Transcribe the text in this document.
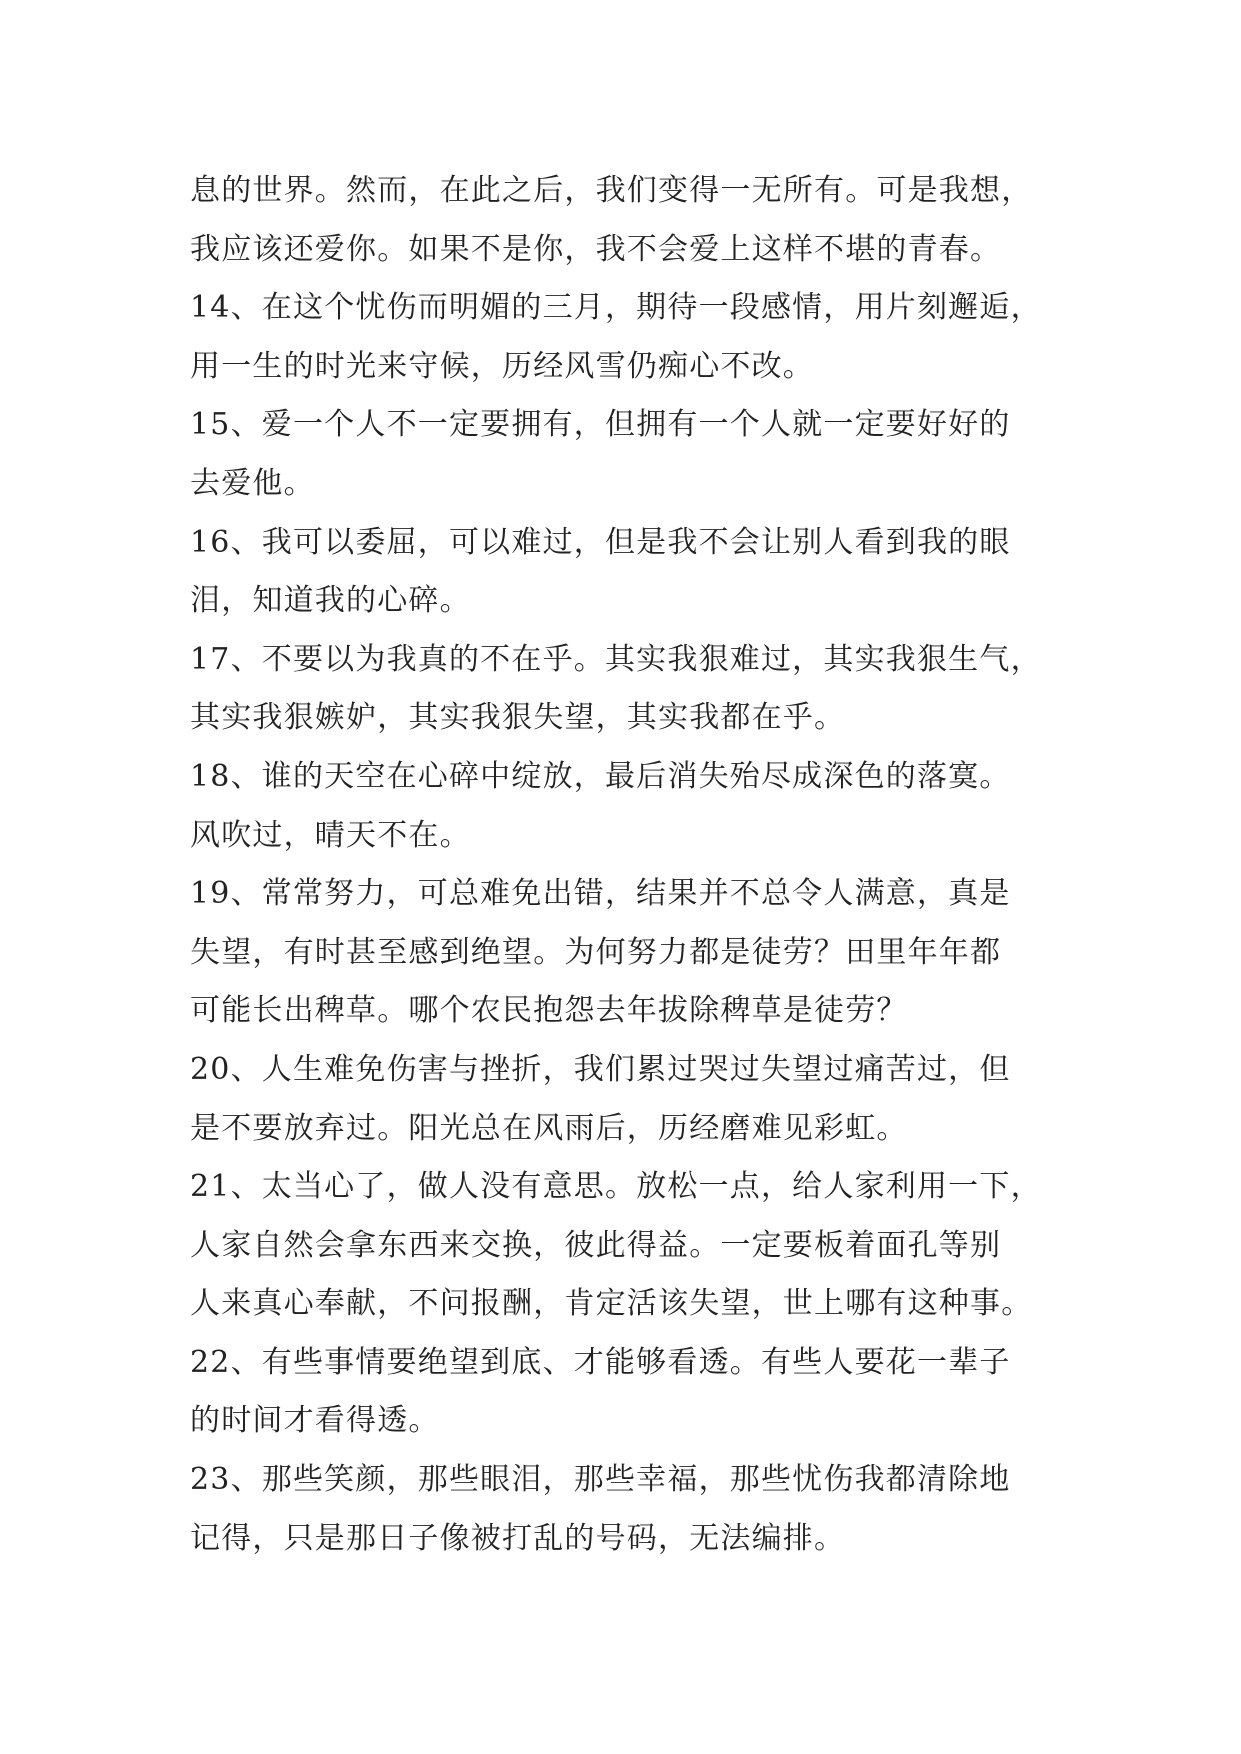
息的世界。然而，在此之后，我们变得一无所有。可是我想，
我应该还爱你。如果不是你，我不会爱上这样不堪的青春。
14、在这个忧伤而明媚的三月，期待一段感情，用片刻邂逅，
用一生的时光来守候，历经风雪仍痴心不改。
15、爱一个人不一定要拥有，但拥有一个人就一定要好好的
去爱他。
16、我可以委屈，可以难过，但是我不会让别人看到我的眼
泪，知道我的心碎。
17、不要以为我真的不在乎。其实我狠难过，其实我狠生气，
其实我狠嫉妒，其实我狠失望，其实我都在乎。
18、谁的天空在心碎中绽放，最后消失殆尽成深色的落寞。
风吹过，晴天不在。
19、常常努力，可总难免出错，结果并不总令人满意，真是
失望，有时甚至感到绝望。为何努力都是徒劳？田里年年都
可能长出稗草。哪个农民抱怨去年拔除稗草是徒劳？
20、人生难免伤害与挫折，我们累过哭过失望过痛苦过，但
是不要放弃过。阳光总在风雨后，历经磨难见彩虹。
21、太当心了，做人没有意思。放松一点，给人家利用一下，
人家自然会拿东西来交换，彼此得益。一定要板着面孔等别
人来真心奉献，不问报酬，肯定活该失望，世上哪有这种事。
22、有些事情要绝望到底、才能够看透。有些人要花一辈子
的时间才看得透。
23、那些笑颜，那些眼泪，那些幸福，那些忧伤我都清除地
记得，只是那日子像被打乱的号码，无法编排。
